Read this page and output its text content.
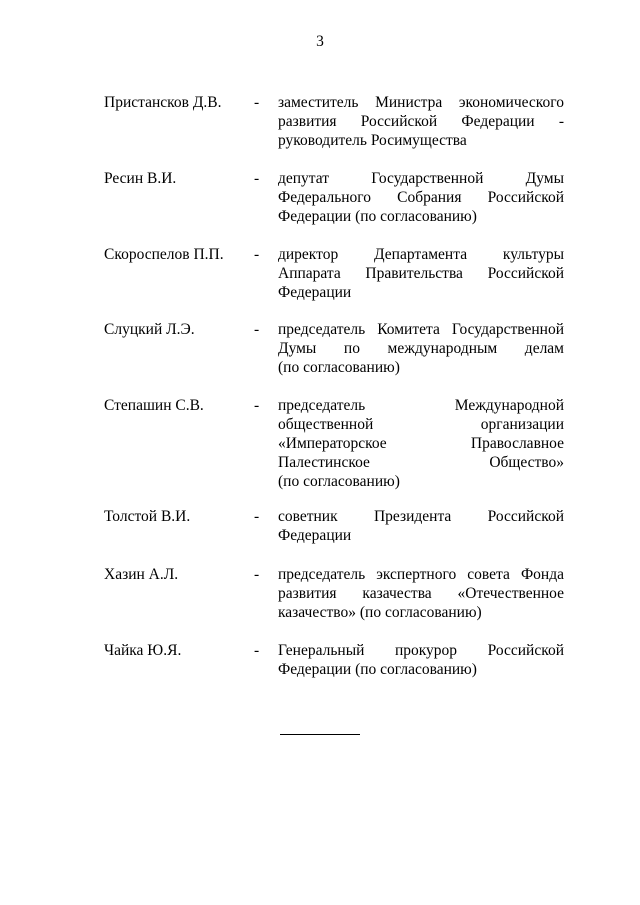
3
Пристансков Д.В. - заместитель Министра экономического
развития Российской Федерации -
руководитель Росимущества
Ресин В.И.	- депутат Государственной Думы
Федерального Собрания Российской
Федерации (по согласованию)
Скороспелов П.П. - директор Департамента культуры
Аппарата Правительства Российской
Федерации
Слуцкий Л.Э.	- председатель Комитета Государственной
Думы по международным делам
(по согласованию)
Степашин С.В.	- председатель Международной
общественной организации
«Императорское Православное
Палестинское Общество»
(по согласованию)
Толстой В.И.	- советник Президента Российской
Федерации
Хазин А.Л.	- председатель экспертного совета Фонда
развития казачества «Отечественное
казачество» (по согласованию)
Чайка Ю.Я.	- Генеральный прокурор Российской
Федерации (по согласованию)
